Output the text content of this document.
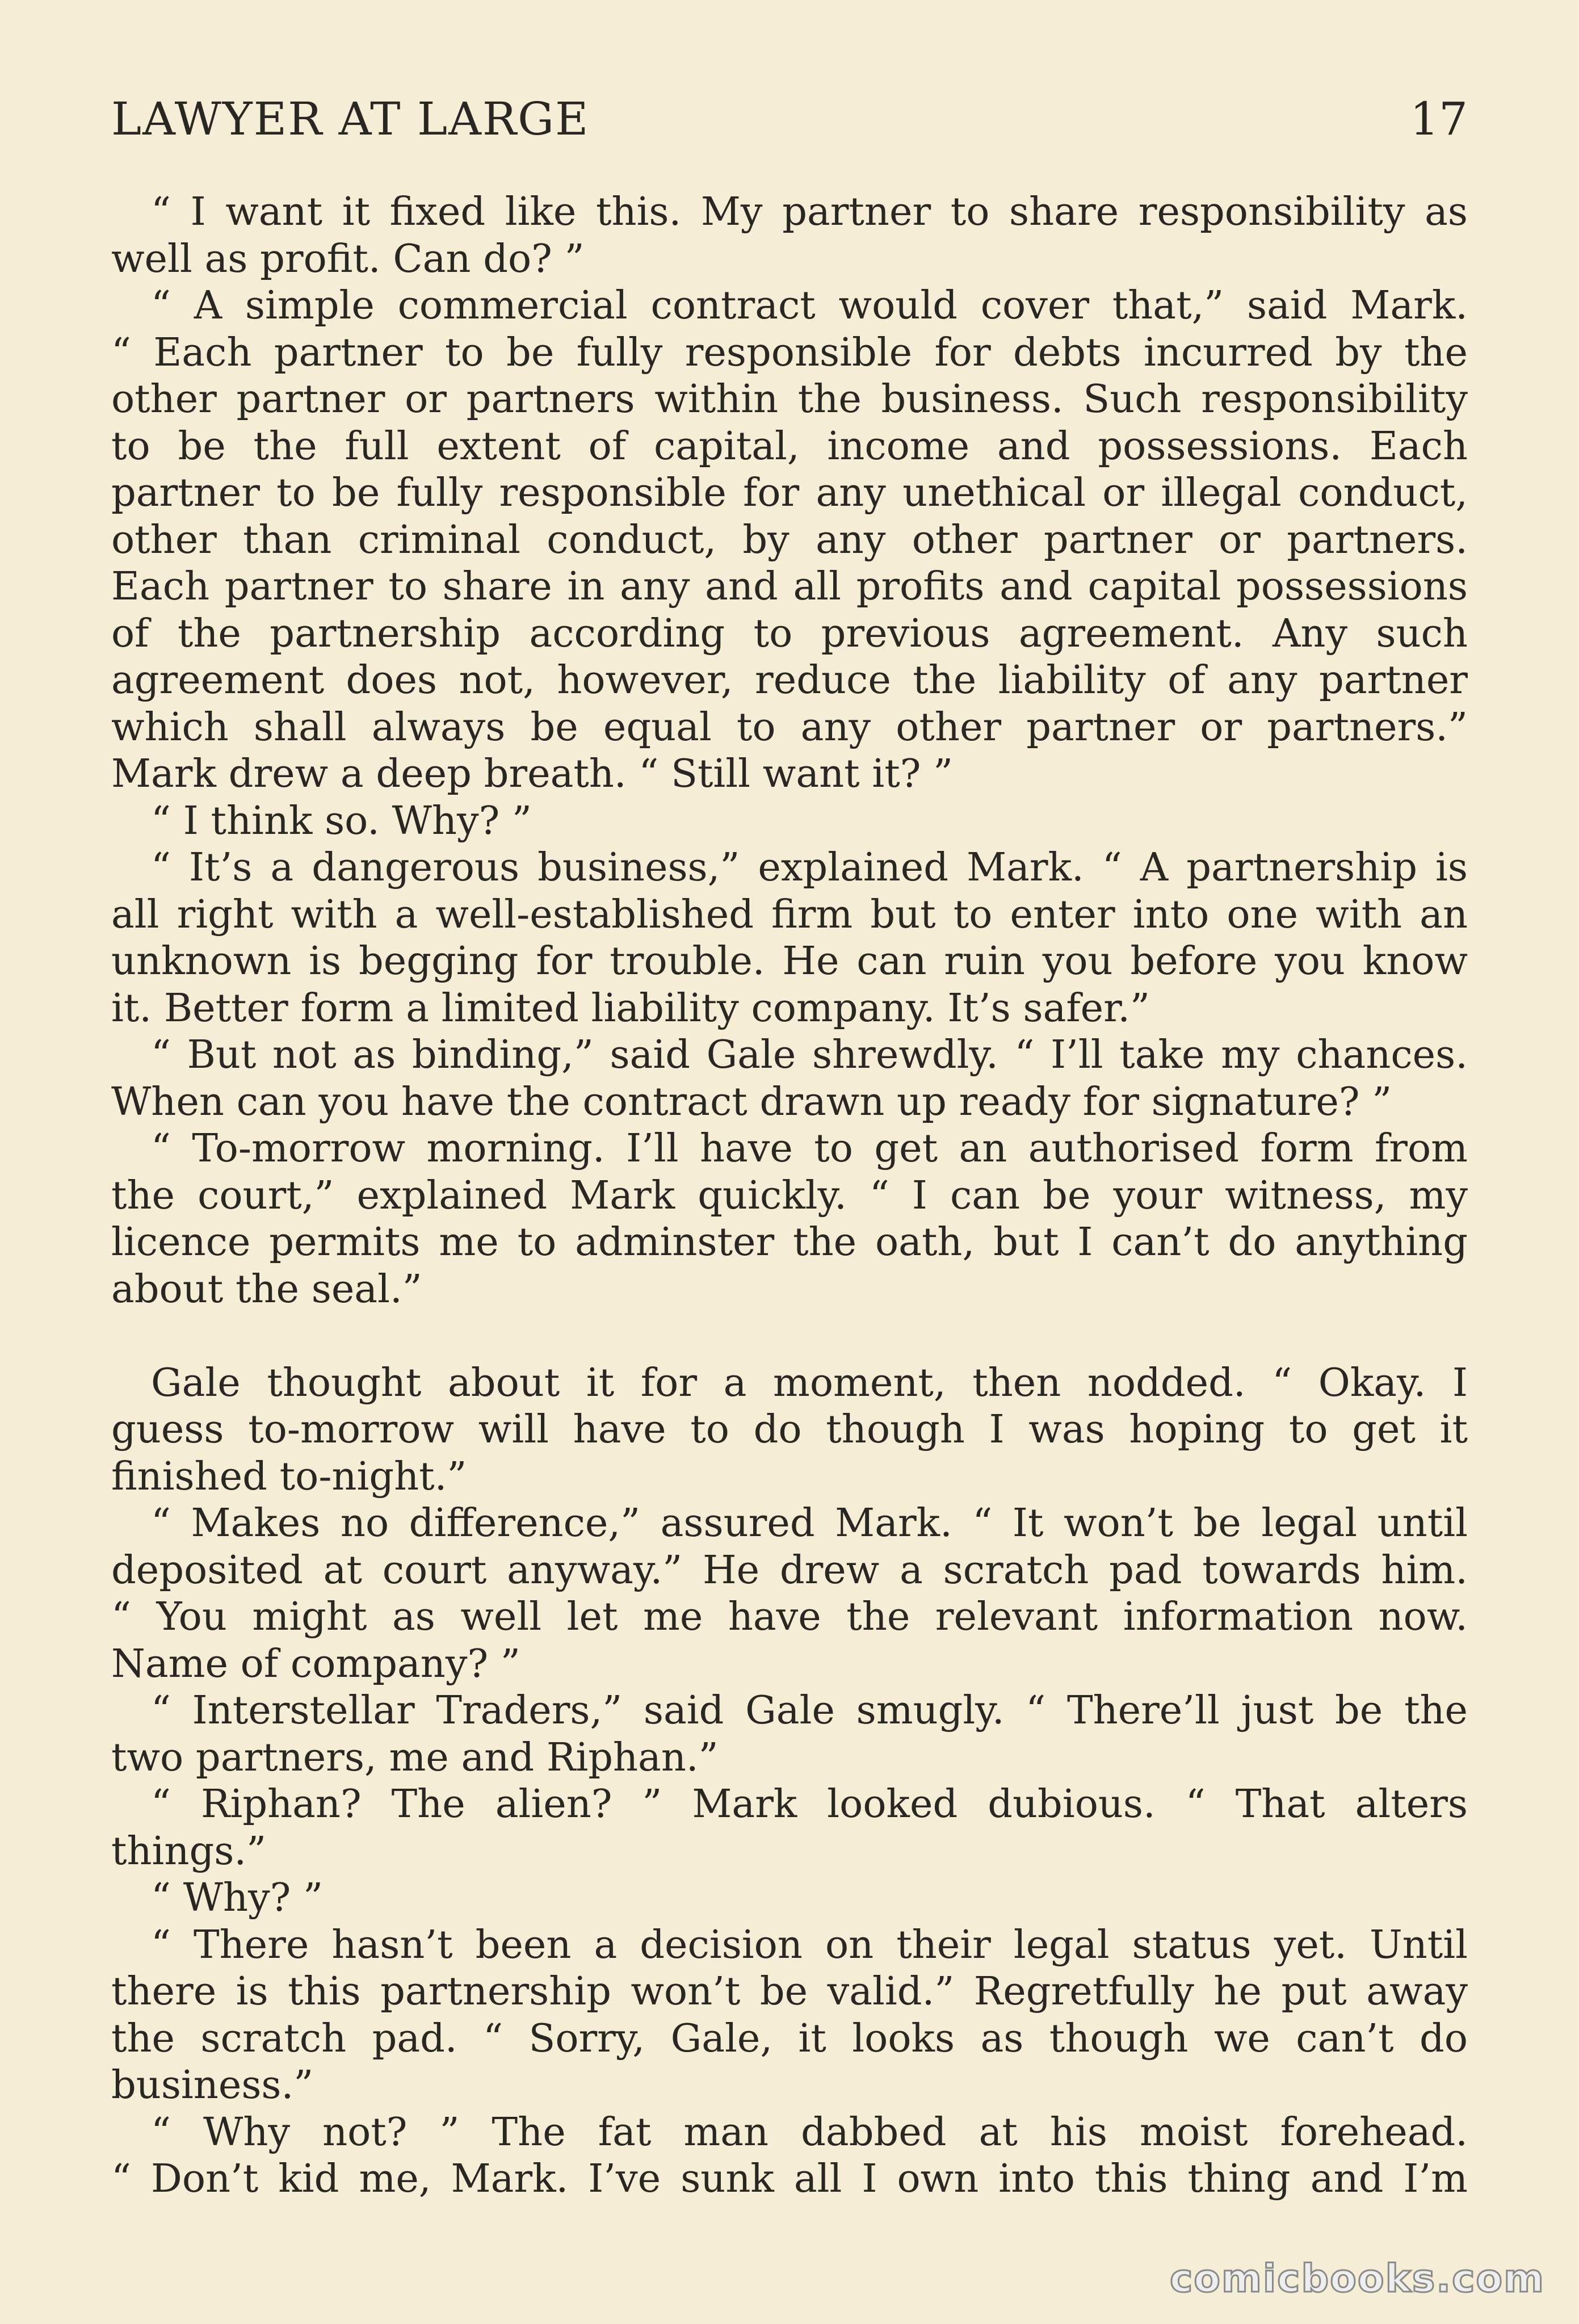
LAWYER AT LARGE	17
“ I want it fixed like this. My partner to share responsibility as
well as profit. Can do? ”
“ A simple commercial contract would cover that,” said Mark.
“ Each partner to be fully responsible for debts incurred by the
other partner or partners within the business. Such responsibility
to be the full extent of capital, income and possessions. Each
partner to be fully responsible for any unethical or illegal conduct,
other than criminal conduct, by any other partner or partners.
Each partner to share in any and all profits and capital possessions
of the partnership according to previous agreement. Any such
agreement does not, however, reduce the liability of any partner
which shall always be equal to any other partner or partners.”
Mark drew a deep breath. “ Still want it? ”
“ I think so. Why? ”
“ It’s a dangerous business,” explained Mark. “ A partnership is
all right with a well-established firm but to enter into one with an
unknown is begging for trouble. He can ruin you before you know
it. Better form a limited liability company. It’s safer.”
“ But not as binding,” said Gale shrewdly. “ I’ll take my chances.
When can you have the contract drawn up ready for signature? ”
“ To-morrow morning. I’ll have to get an authorised form from
the court,” explained Mark quickly. “ I can be your witness, my
licence permits me to adminster the oath, but I can’t do anything
about the seal.”
Gale thought about it for a moment, then nodded. “ Okay. I
guess to-morrow will have to do though I was hoping to get it
finished to-night.”
“ Makes no difference,” assured Mark. “ It won’t be legal until
deposited at court anyway.” He drew a scratch pad towards him.
“ You might as well let me have the relevant information now.
Name of company? ”
“ Interstellar Traders,” said Gale smugly. “ There’ll just be the
two partners, me and Riphan.”
“ Riphan? The alien? ” Mark looked dubious. “ That alters
things.”
“ Why? ”
“ There hasn’t been a decision on their legal status yet. Until
there is this partnership won’t be valid.” Regretfully he put away
the scratch pad. “ Sorry, Gale, it looks as though we can’t do
business.”
“ Why not? ” The fat man dabbed at his moist forehead.
“ Don’t kid me, Mark. I’ve sunk all I own into this thing and I’m
comicbooks.com
